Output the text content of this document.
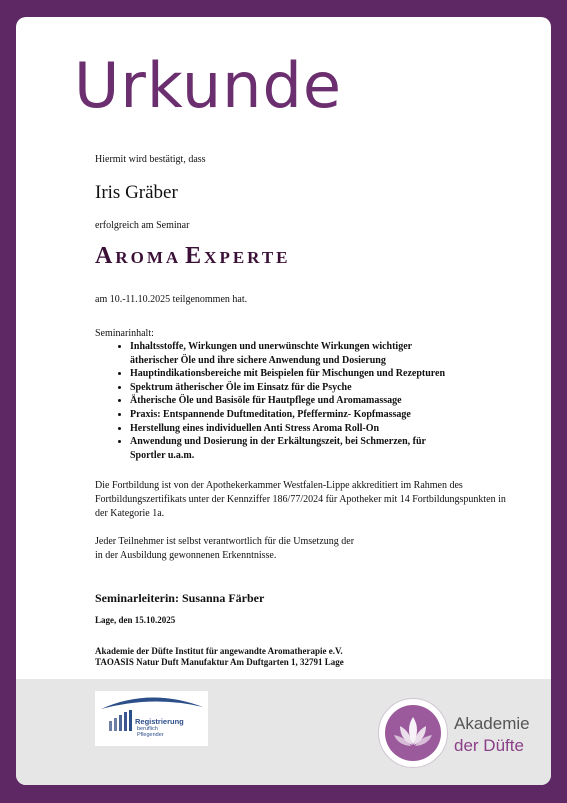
Urkunde
Hiermit wird bestätigt, dass
Iris Gräber
erfolgreich am Seminar
Aroma Experte
am 10.-11.10.2025 teilgenommen hat.
Seminarinhalt:
• Inhaltsstoffe, Wirkungen und unerwünschte Wirkungen wichtiger ätherischer Öle und ihre sichere Anwendung und Dosierung
• Hauptindikationsbereiche mit Beispielen für Mischungen und Rezepturen
• Spektrum ätherischer Öle im Einsatz für die Psyche
• Ätherische Öle und Basisöle für Hautpflege und Aromamassage
• Praxis: Entspannende Duftmeditation, Pfefferminz- Kopfmassage
• Herstellung eines individuellen Anti Stress Aroma Roll-On
• Anwendung und Dosierung in der Erkältungszeit, bei Schmerzen, für Sportler u.a.m.
Die Fortbildung ist von der Apothekerkammer Westfalen-Lippe akkreditiert im Rahmen des Fortbildungszertifikats unter der Kennziffer 186/77/2024 für Apotheker mit 14 Fortbildungspunkten in der Kategorie 1a.
Jeder Teilnehmer ist selbst verantwortlich für die Umsetzung der
in der Ausbildung gewonnenen Erkenntnisse.
Seminarleiterin: Susanna Färber
Lage, den 15.10.2025
Akademie der Düfte Institut für angewandte Aromatherapie e.V.
TAOASIS Natur Duft Manufaktur Am Duftgarten 1, 32791 Lage
Registrierung
beruflich
Pflegender
Akademie
der Düfte
